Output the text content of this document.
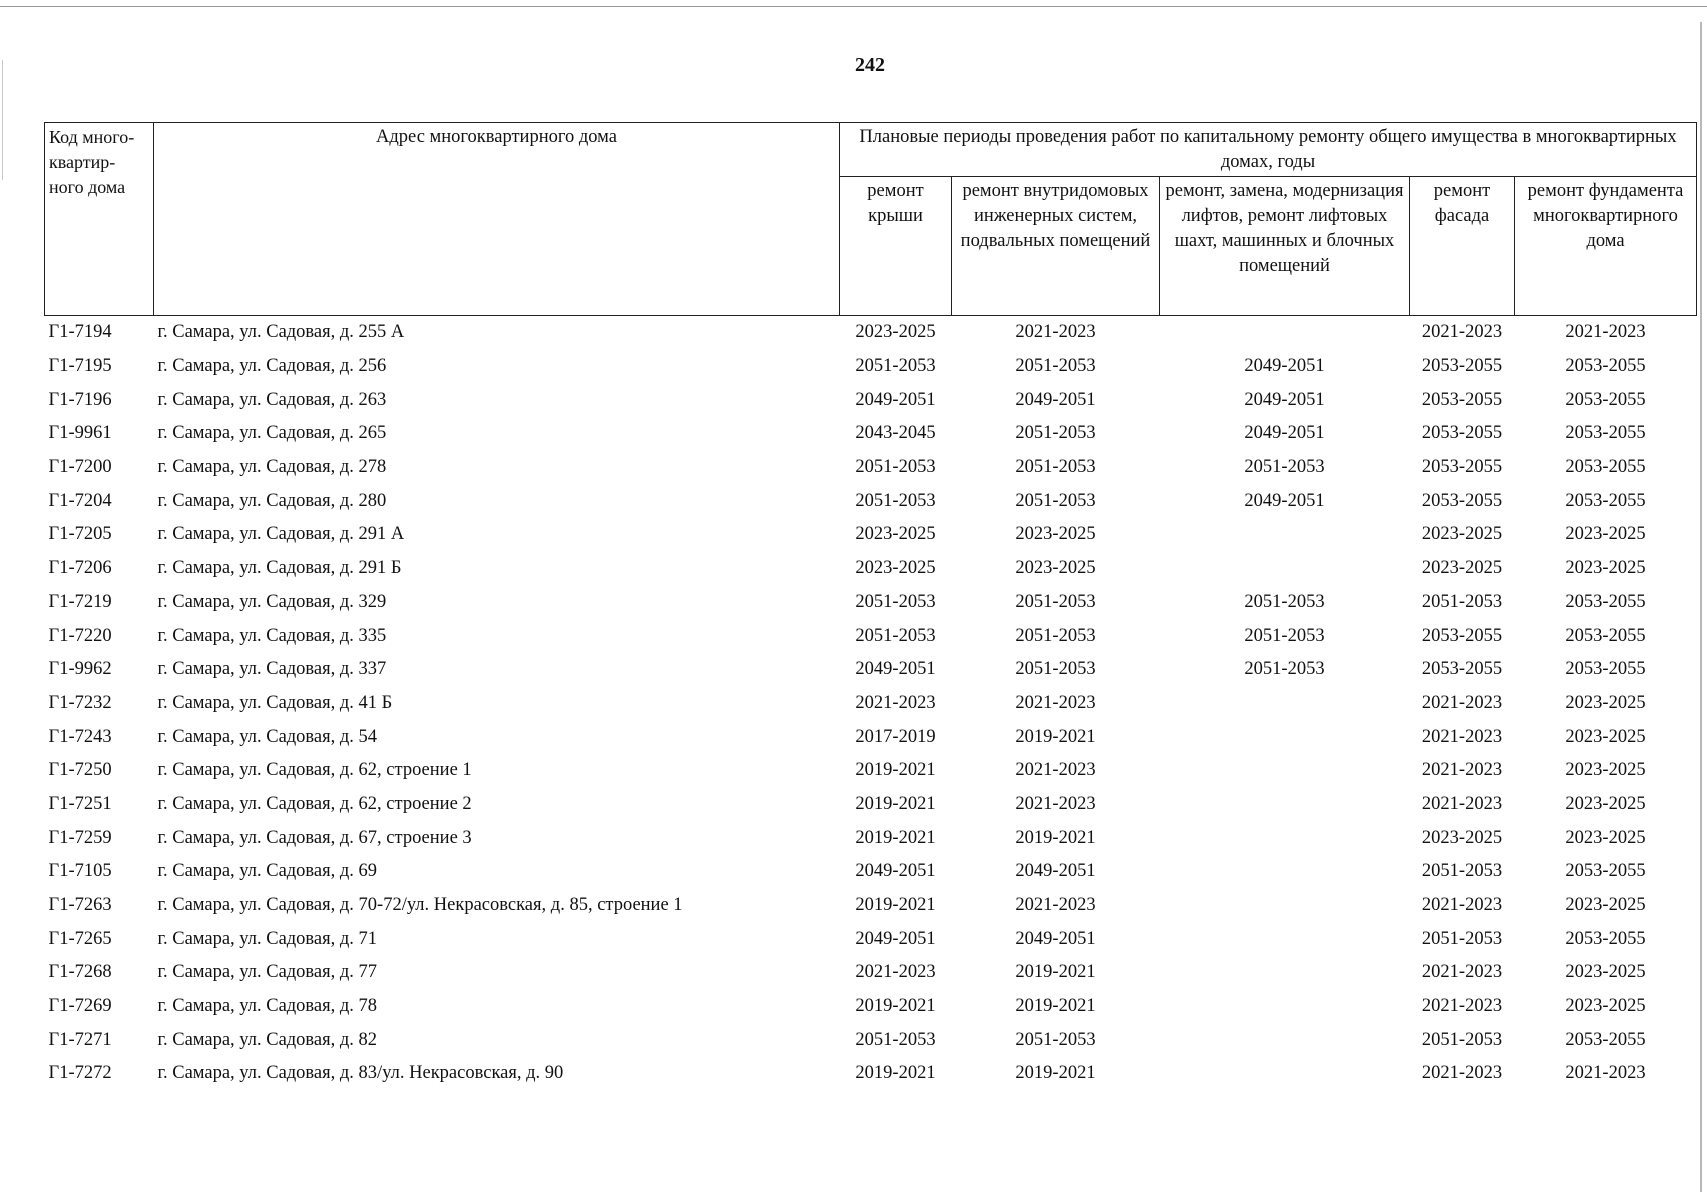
242
Код много-квартир-ного дома	Адрес многоквартирного дома	Плановые периоды проведения работ по капитальному ремонту общего имущества в многоквартирных домах, годы				
		ремонт крыши	ремонт внутридомовых инженерных систем, подвальных помещений	ремонт, замена, модернизация лифтов, ремонт лифтовых шахт, машинных и блочных помещений	ремонт фасада	ремонт фундамента многоквартирного дома
Г1-7194	г. Самара, ул. Садовая, д. 255 А	2023-2025	2021-2023		2021-2023	2021-2023
Г1-7195	г. Самара, ул. Садовая, д. 256	2051-2053	2051-2053	2049-2051	2053-2055	2053-2055
Г1-7196	г. Самара, ул. Садовая, д. 263	2049-2051	2049-2051	2049-2051	2053-2055	2053-2055
Г1-9961	г. Самара, ул. Садовая, д. 265	2043-2045	2051-2053	2049-2051	2053-2055	2053-2055
Г1-7200	г. Самара, ул. Садовая, д. 278	2051-2053	2051-2053	2051-2053	2053-2055	2053-2055
Г1-7204	г. Самара, ул. Садовая, д. 280	2051-2053	2051-2053	2049-2051	2053-2055	2053-2055
Г1-7205	г. Самара, ул. Садовая, д. 291 А	2023-2025	2023-2025		2023-2025	2023-2025
Г1-7206	г. Самара, ул. Садовая, д. 291 Б	2023-2025	2023-2025		2023-2025	2023-2025
Г1-7219	г. Самара, ул. Садовая, д. 329	2051-2053	2051-2053	2051-2053	2051-2053	2053-2055
Г1-7220	г. Самара, ул. Садовая, д. 335	2051-2053	2051-2053	2051-2053	2053-2055	2053-2055
Г1-9962	г. Самара, ул. Садовая, д. 337	2049-2051	2051-2053	2051-2053	2053-2055	2053-2055
Г1-7232	г. Самара, ул. Садовая, д. 41 Б	2021-2023	2021-2023		2021-2023	2023-2025
Г1-7243	г. Самара, ул. Садовая, д. 54	2017-2019	2019-2021		2021-2023	2023-2025
Г1-7250	г. Самара, ул. Садовая, д. 62, строение 1	2019-2021	2021-2023		2021-2023	2023-2025
Г1-7251	г. Самара, ул. Садовая, д. 62, строение 2	2019-2021	2021-2023		2021-2023	2023-2025
Г1-7259	г. Самара, ул. Садовая, д. 67, строение 3	2019-2021	2019-2021		2023-2025	2023-2025
Г1-7105	г. Самара, ул. Садовая, д. 69	2049-2051	2049-2051		2051-2053	2053-2055
Г1-7263	г. Самара, ул. Садовая, д. 70-72/ул. Некрасовская, д. 85, строение 1	2019-2021	2021-2023		2021-2023	2023-2025
Г1-7265	г. Самара, ул. Садовая, д. 71	2049-2051	2049-2051		2051-2053	2053-2055
Г1-7268	г. Самара, ул. Садовая, д. 77	2021-2023	2019-2021		2021-2023	2023-2025
Г1-7269	г. Самара, ул. Садовая, д. 78	2019-2021	2019-2021		2021-2023	2023-2025
Г1-7271	г. Самара, ул. Садовая, д. 82	2051-2053	2051-2053		2051-2053	2053-2055
Г1-7272	г. Самара, ул. Садовая, д. 83/ул. Некрасовская, д. 90	2019-2021	2019-2021		2021-2023	2021-2023
